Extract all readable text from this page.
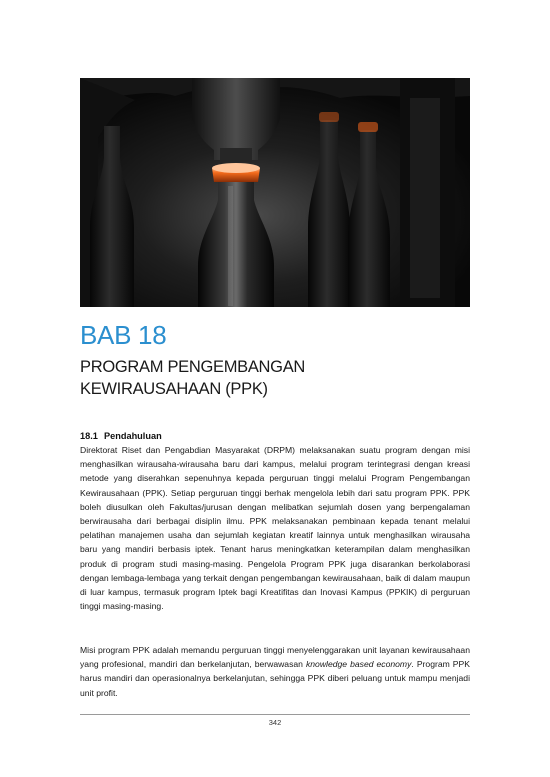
BAB 18
PROGRAM PENGEMBANGAN
KEWIRAUSAHAAN (PPK)
18.1 Pendahuluan

Direktorat Riset dan Pengabdian Masyarakat (DRPM) melaksanakan suatu program dengan misi menghasilkan wirausaha-wirausaha baru dari kampus, melalui program terintegrasi dengan kreasi metode yang diserahkan sepenuhnya kepada perguruan tinggi melalui Program Pengembangan Kewirausahaan (PPK). Setiap perguruan tinggi berhak mengelola lebih dari satu program PPK. PPK boleh diusulkan oleh Fakultas/jurusan dengan melibatkan sejumlah dosen yang berpengalaman berwirausaha dari berbagai disiplin ilmu. PPK melaksanakan pembinaan kepada tenant melalui pelatihan manajemen usaha dan sejumlah kegiatan kreatif lainnya untuk menghasilkan wirausaha baru yang mandiri berbasis iptek. Tenant harus meningkatkan keterampilan dalam menghasilkan produk di program studi masing-masing. Pengelola Program PPK juga disarankan berkolaborasi dengan lembaga-lembaga yang terkait dengan pengembangan kewirausahaan, baik di dalam maupun di luar kampus, termasuk program Iptek bagi Kreatifitas dan Inovasi Kampus (PPKIK) di perguruan tinggi masing-masing.

Misi program PPK adalah memandu perguruan tinggi menyelenggarakan unit layanan kewirausahaan yang profesional, mandiri dan berkelanjutan, berwawasan knowledge based economy. Program PPK harus mandiri dan operasionalnya berkelanjutan, sehingga PPK diberi peluang untuk mampu menjadi unit profit.

342
